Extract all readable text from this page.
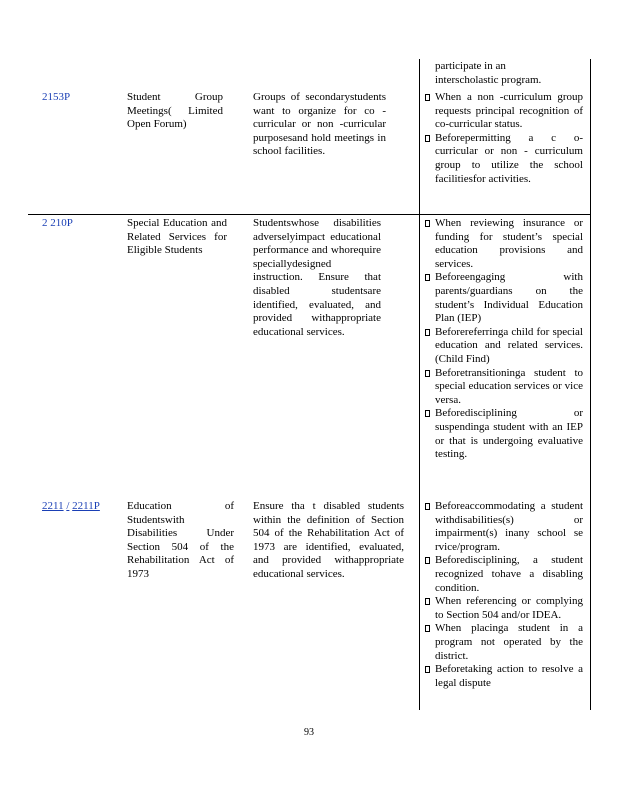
participate in an
interscholastic program.
2153P	Student Group Meetings( Limited Open Forum)
Groups of secondarystudents want to organize for co - curricular or non -curricular purposesand hold meetings in school facilities.
When a non -curriculum group requests principal recognition of co-curricular status.
Beforepermitting a c o- curricular or non - curriculum group to utilize the school facilitiesfor activities.
2 210P	Special Education and Related Services for Eligible Students
Studentswhose disabilities adverselyimpact educational performance and whorequire speciallydesigned instruction. Ensure that disabled studentsare identified, evaluated, and provided withappropriate educational services.
When reviewing insurance or funding for student’s special education provisions and services.
Beforeengaging with parents/guardians on the student’s Individual Education Plan (IEP)
Beforereferringa child for special education and related services.(Child Find)
Beforetransitioninga student to special education services or vice versa.
Beforedisciplining or suspendinga student with an IEP or that is undergoing evaluative testing.
2211 / 2211P Education of Studentswith Disabilities Under Section 504 of the Rehabilitation Act of 1973
Ensure tha t disabled students within the definition of Section 504 of the Rehabilitation Act of 1973 are identified, evaluated, and provided withappropriate educational services.
Beforeaccommodating a student withdisabilities(s) or impairment(s) inany school se rvice/program.
Beforedisciplining, a student recognized tohave a disabling condition.
When referencing or complying to Section 504 and/or IDEA.
When placinga student in a program not operated by the district.
Beforetaking action to resolve a legal dispute
93
